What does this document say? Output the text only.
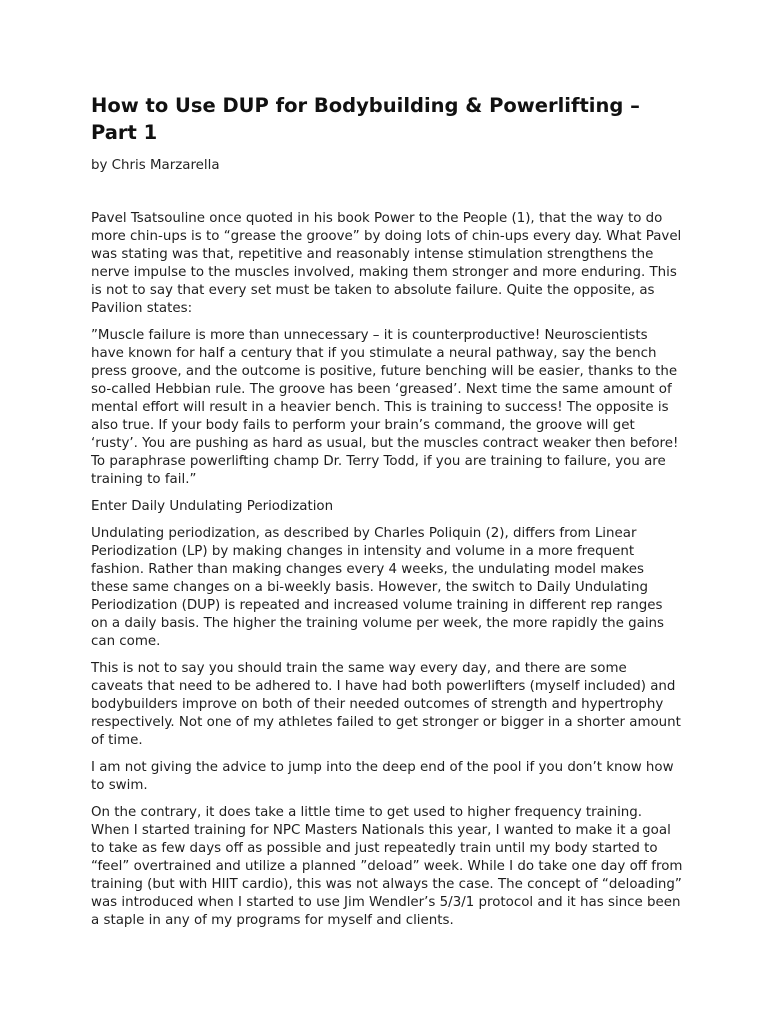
How to Use DUP for Bodybuilding & Powerlifting – Part 1

by Chris Marzarella

Pavel Tsatsouline once quoted in his book Power to the People (1), that the way to do more chin-ups is to “grease the groove” by doing lots of chin-ups every day. What Pavel was stating was that, repetitive and reasonably intense stimulation strengthens the nerve impulse to the muscles involved, making them stronger and more enduring. This is not to say that every set must be taken to absolute failure. Quite the opposite, as Pavilion states:

”Muscle failure is more than unnecessary – it is counterproductive! Neuroscientists have known for half a century that if you stimulate a neural pathway, say the bench press groove, and the outcome is positive, future benching will be easier, thanks to the so-called Hebbian rule. The groove has been ‘greased’. Next time the same amount of mental effort will result in a heavier bench. This is training to success! The opposite is also true. If your body fails to perform your brain’s command, the groove will get ‘rusty’. You are pushing as hard as usual, but the muscles contract weaker then before! To paraphrase powerlifting champ Dr. Terry Todd, if you are training to failure, you are training to fail.”

Enter Daily Undulating Periodization

Undulating periodization, as described by Charles Poliquin (2), differs from Linear Periodization (LP) by making changes in intensity and volume in a more frequent fashion. Rather than making changes every 4 weeks, the undulating model makes these same changes on a bi-weekly basis. However, the switch to Daily Undulating Periodization (DUP) is repeated and increased volume training in different rep ranges on a daily basis. The higher the training volume per week, the more rapidly the gains can come.

This is not to say you should train the same way every day, and there are some caveats that need to be adhered to. I have had both powerlifters (myself included) and bodybuilders improve on both of their needed outcomes of strength and hypertrophy respectively. Not one of my athletes failed to get stronger or bigger in a shorter amount of time.

I am not giving the advice to jump into the deep end of the pool if you don’t know how to swim.

On the contrary, it does take a little time to get used to higher frequency training. When I started training for NPC Masters Nationals this year, I wanted to make it a goal to take as few days off as possible and just repeatedly train until my body started to “feel” overtrained and utilize a planned ”deload” week. While I do take one day off from training (but with HIIT cardio), this was not always the case. The concept of “deloading” was introduced when I started to use Jim Wendler’s 5/3/1 protocol and it has since been a staple in any of my programs for myself and clients.
